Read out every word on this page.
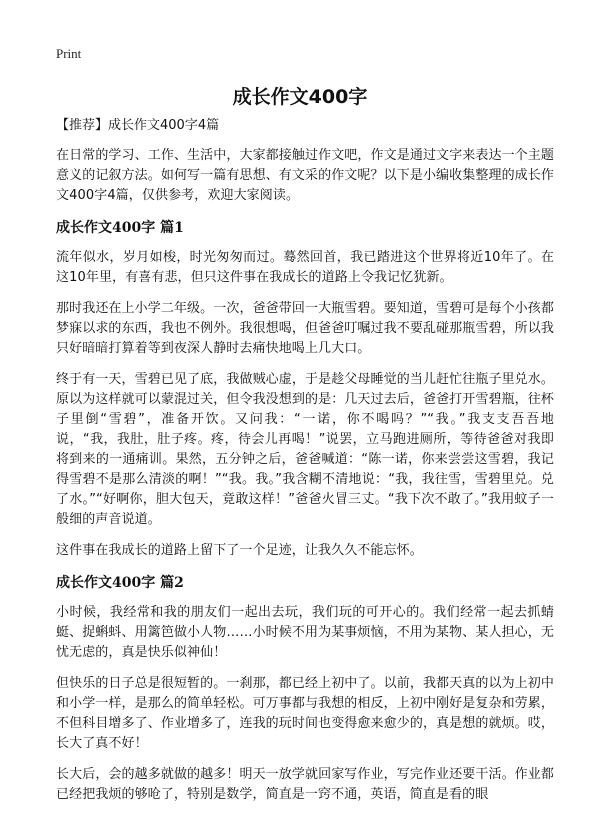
Print
成长作文400字
【推荐】成长作文400字4篇

在日常的学习、工作、生活中，大家都接触过作文吧，作文是通过文字来表达一个主题意义的记叙方法。如何写一篇有思想、有文采的作文呢？以下是小编收集整理的成长作文400字4篇，仅供参考，欢迎大家阅读。

成长作文400字 篇1

流年似水，岁月如梭，时光匆匆而过。蓦然回首，我已踏进这个世界将近10年了。在这10年里，有喜有悲，但只这件事在我成长的道路上令我记忆犹新。

那时我还在上小学二年级。一次，爸爸带回一大瓶雪碧。要知道，雪碧可是每个小孩都梦寐以求的东西，我也不例外。我很想喝，但爸爸叮嘱过我不要乱碰那瓶雪碧，所以我只好暗暗打算着等到夜深人静时去痛快地喝上几大口。

终于有一天，雪碧已见了底，我做贼心虚，于是趁父母睡觉的当儿赶忙往瓶子里兑水。原以为这样就可以蒙混过关，但令我没想到的是：几天过去后，爸爸打开雪碧瓶，往杯子里倒“雪碧”，准备开饮。又问我：“一诺，你不喝吗？”“我。”我支支吾吾地说，“我，我肚，肚子疼。疼，待会儿再喝！”说罢，立马跑进厕所，等待爸爸对我即将到来的一通痛训。果然，五分钟之后，爸爸喊道：“陈一诺，你来尝尝这雪碧，我记得雪碧不是那么清淡的啊！”“我。我。”我含糊不清地说：“我，我往雪，雪碧里兑。兑了水。”“好啊你，胆大包天，竟敢这样！”爸爸火冒三丈。“我下次不敢了。”我用蚊子一般细的声音说道。

这件事在我成长的道路上留下了一个足迹，让我久久不能忘怀。

成长作文400字 篇2

小时候，我经常和我的朋友们一起出去玩，我们玩的可开心的。我们经常一起去抓蜻蜓、捉蝌蚪、用篱笆做小人物……小时候不用为某事烦恼，不用为某物、某人担心，无忧无虑的，真是快乐似神仙！

但快乐的日子总是很短暂的。一刹那，都已经上初中了。以前，我都天真的以为上初中和小学一样，是那么的简单轻松。可万事都与我想的相反，上初中刚好是复杂和劳累，不但科目增多了、作业增多了，连我的玩时间也变得愈来愈少的，真是想的就烦。哎，长大了真不好！

长大后，会的越多就做的越多！明天一放学就回家写作业，写完作业还要干活。作业都已经把我烦的够呛了，特别是数学，简直是一窍不通，英语，简直是看的眼
